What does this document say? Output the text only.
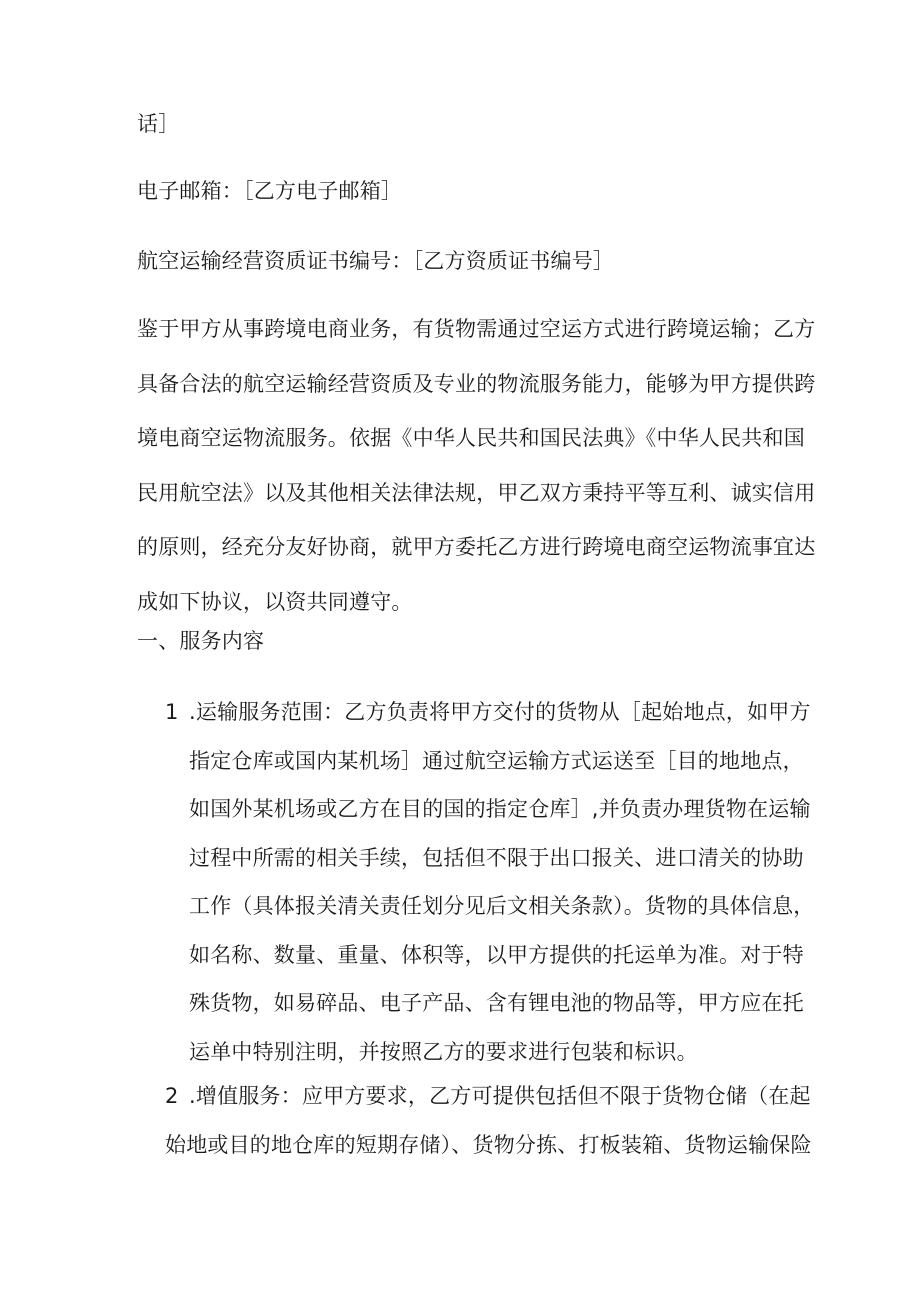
话］
电子邮箱：［乙方电子邮箱］
航空运输经营资质证书编号：［乙方资质证书编号］
鉴于甲方从事跨境电商业务，有货物需通过空运方式进行跨境运输；乙方
具备合法的航空运输经营资质及专业的物流服务能力，能够为甲方提供跨
境电商空运物流服务。依据《中华人民共和国民法典》《中华人民共和国
民用航空法》以及其他相关法律法规，甲乙双方秉持平等互利、诚实信用
的原则，经充分友好协商，就甲方委托乙方进行跨境电商空运物流事宜达
成如下协议，以资共同遵守。
一、服务内容
1 .运输服务范围：乙方负责将甲方交付的货物从［起始地点，如甲方
指定仓库或国内某机场］通过航空运输方式运送至［目的地地点，
如国外某机场或乙方在目的国的指定仓库］,并负责办理货物在运输
过程中所需的相关手续，包括但不限于出口报关、进口清关的协助
工作（具体报关清关责任划分见后文相关条款）。货物的具体信息，
如名称、数量、重量、体积等，以甲方提供的托运单为准。对于特
殊货物，如易碎品、电子产品、含有锂电池的物品等，甲方应在托
运单中特别注明，并按照乙方的要求进行包装和标识。
2 .增值服务：应甲方要求，乙方可提供包括但不限于货物仓储（在起
始地或目的地仓库的短期存储）、货物分拣、打板装箱、货物运输保险
